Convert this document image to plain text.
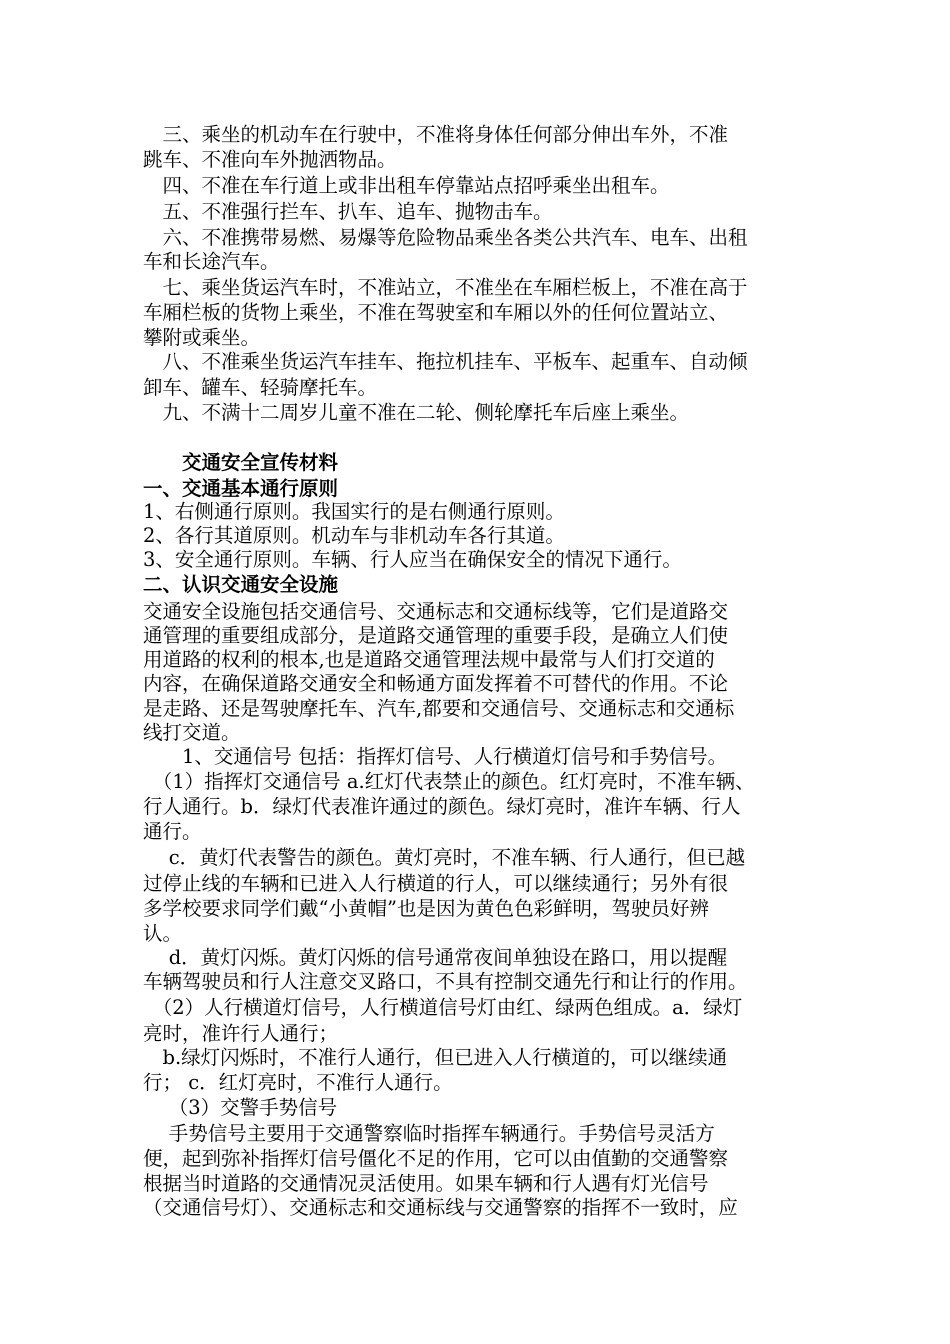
　三、乘坐的机动车在行驶中，不准将身体任何部分伸出车外，不准
跳车、不准向车外抛洒物品。
　四、不准在车行道上或非出租车停靠站点招呼乘坐出租车。
　五、不准强行拦车、扒车、追车、抛物击车。
　六、不准携带易燃、易爆等危险物品乘坐各类公共汽车、电车、出租
车和长途汽车。
　七、乘坐货运汽车时，不准站立，不准坐在车厢栏板上，不准在高于
车厢栏板的货物上乘坐，不准在驾驶室和车厢以外的任何位置站立、
攀附或乘坐。
　八、不准乘坐货运汽车挂车、拖拉机挂车、平板车、起重车、自动倾
卸车、罐车、轻骑摩托车。
　九、不满十二周岁儿童不准在二轮、侧轮摩托车后座上乘坐。
　　交通安全宣传材料
一、交通基本通行原则
1、右侧通行原则。我国实行的是右侧通行原则。
2、各行其道原则。机动车与非机动车各行其道。
3、安全通行原则。车辆、行人应当在确保安全的情况下通行。
二、认识交通安全设施
交通安全设施包括交通信号、交通标志和交通标线等，它们是道路交
通管理的重要组成部分，是道路交通管理的重要手段，是确立人们使
用道路的权利的根本,也是道路交通管理法规中最常与人们打交道的
内容，在确保道路交通安全和畅通方面发挥着不可替代的作用。不论
是走路、还是驾驶摩托车、汽车,都要和交通信号、交通标志和交通标
线打交道。
　　1、交通信号 包括：指挥灯信号、人行横道灯信号和手势信号。
　（1）指挥灯交通信号 a.红灯代表禁止的颜色。红灯亮时，不准车辆、
行人通行。b．绿灯代表准许通过的颜色。绿灯亮时，准许车辆、行人
通行。
　 c．黄灯代表警告的颜色。黄灯亮时，不准车辆、行人通行，但已越
过停止线的车辆和已进入人行横道的行人，可以继续通行；另外有很
多学校要求同学们戴“小黄帽”也是因为黄色色彩鲜明，驾驶员好辨
认。
　 d．黄灯闪烁。黄灯闪烁的信号通常夜间单独设在路口，用以提醒
车辆驾驶员和行人注意交叉路口，不具有控制交通先行和让行的作用。
　（2）人行横道灯信号，人行横道信号灯由红、绿两色组成。a．绿灯
亮时，准许行人通行；
　b.绿灯闪烁时，不准行人通行，但已进入人行横道的，可以继续通
行； c．红灯亮时，不准行人通行。
　 （3）交警手势信号
　 手势信号主要用于交通警察临时指挥车辆通行。手势信号灵活方
便，起到弥补指挥灯信号僵化不足的作用，它可以由值勤的交通警察
根据当时道路的交通情况灵活使用。如果车辆和行人遇有灯光信号
（交通信号灯）、交通标志和交通标线与交通警察的指挥不一致时，应
